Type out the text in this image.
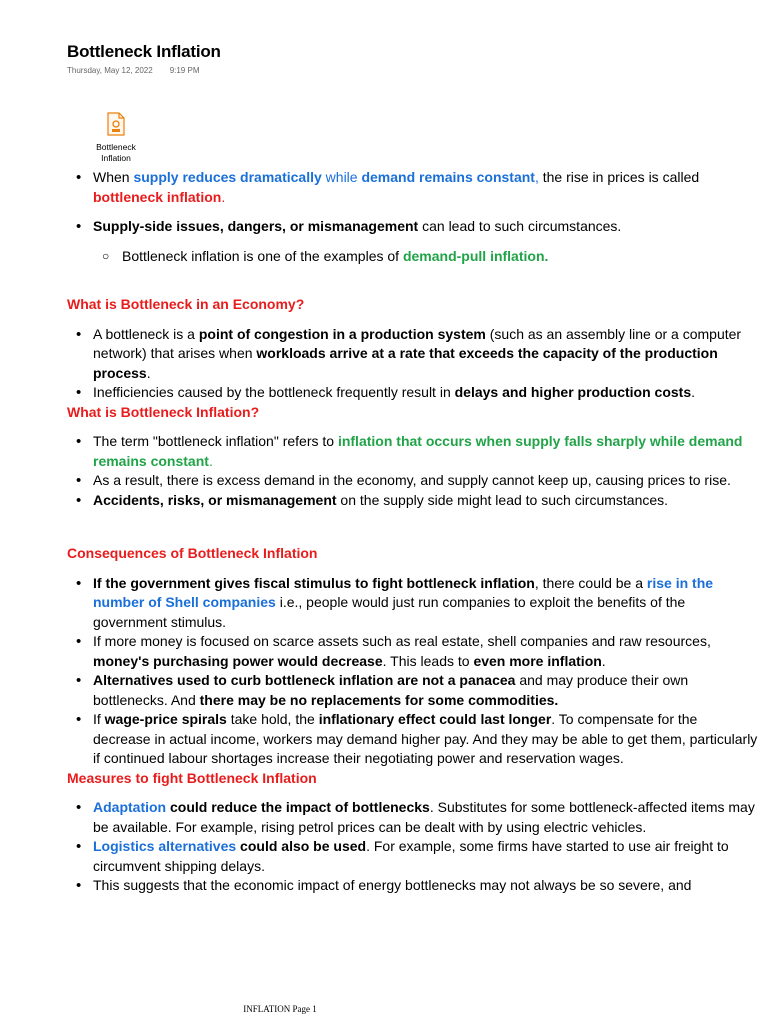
Bottleneck Inflation
Thursday, May 12, 2022 9:19 PM
Bottleneck Inflation
• When supply reduces dramatically while demand remains constant, the rise in prices is called bottleneck inflation.
• Supply-side issues, dangers, or mismanagement can lead to such circumstances.
○ Bottleneck inflation is one of the examples of demand-pull inflation.
What is Bottleneck in an Economy?
• A bottleneck is a point of congestion in a production system (such as an assembly line or a computer network) that arises when workloads arrive at a rate that exceeds the capacity of the production process.
• Inefficiencies caused by the bottleneck frequently result in delays and higher production costs.
What is Bottleneck Inflation?
• The term "bottleneck inflation" refers to inflation that occurs when supply falls sharply while demand remains constant.
• As a result, there is excess demand in the economy, and supply cannot keep up, causing prices to rise.
• Accidents, risks, or mismanagement on the supply side might lead to such circumstances.
Consequences of Bottleneck Inflation
• If the government gives fiscal stimulus to fight bottleneck inflation, there could be a rise in the number of Shell companies i.e., people would just run companies to exploit the benefits of the government stimulus.
• If more money is focused on scarce assets such as real estate, shell companies and raw resources, money's purchasing power would decrease. This leads to even more inflation.
• Alternatives used to curb bottleneck inflation are not a panacea and may produce their own bottlenecks. And there may be no replacements for some commodities.
• If wage-price spirals take hold, the inflationary effect could last longer. To compensate for the decrease in actual income, workers may demand higher pay. And they may be able to get them, particularly if continued labour shortages increase their negotiating power and reservation wages.
Measures to fight Bottleneck Inflation
• Adaptation could reduce the impact of bottlenecks. Substitutes for some bottleneck-affected items may be available. For example, rising petrol prices can be dealt with by using electric vehicles.
• Logistics alternatives could also be used. For example, some firms have started to use air freight to circumvent shipping delays.
• This suggests that the economic impact of energy bottlenecks may not always be so severe, and
INFLATION Page 1
